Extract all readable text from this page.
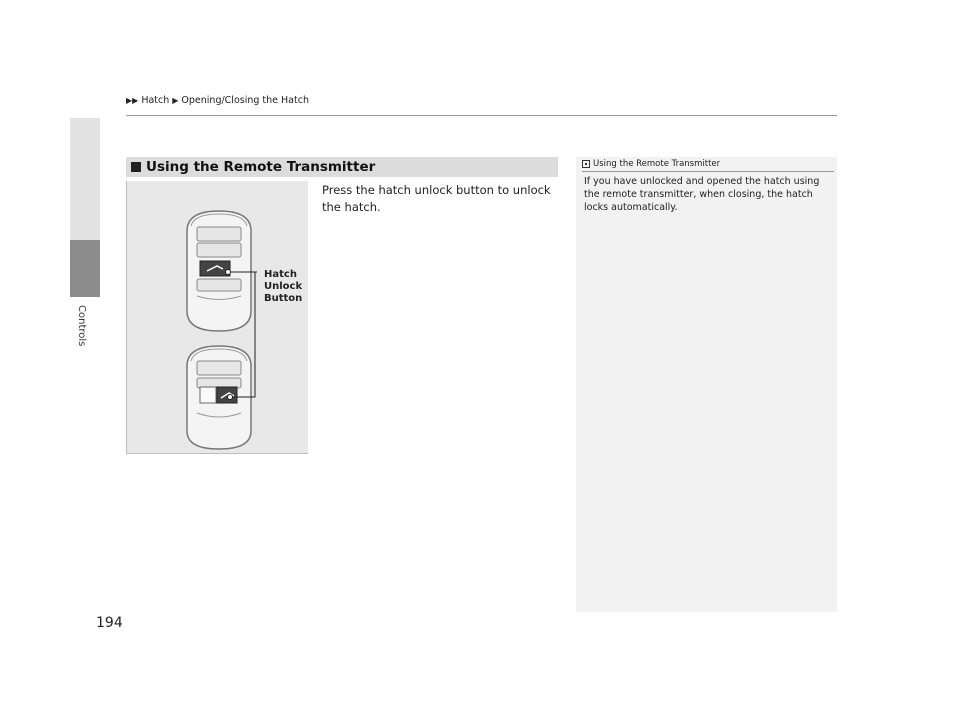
▶▶ Hatch ▶ Opening/Closing the Hatch
Controls
194
Using the Remote Transmitter
Hatch
Unlock
Button
Press the hatch unlock button to unlock the hatch.
Using the Remote Transmitter
If you have unlocked and opened the hatch using the remote transmitter, when closing, the hatch locks automatically.
